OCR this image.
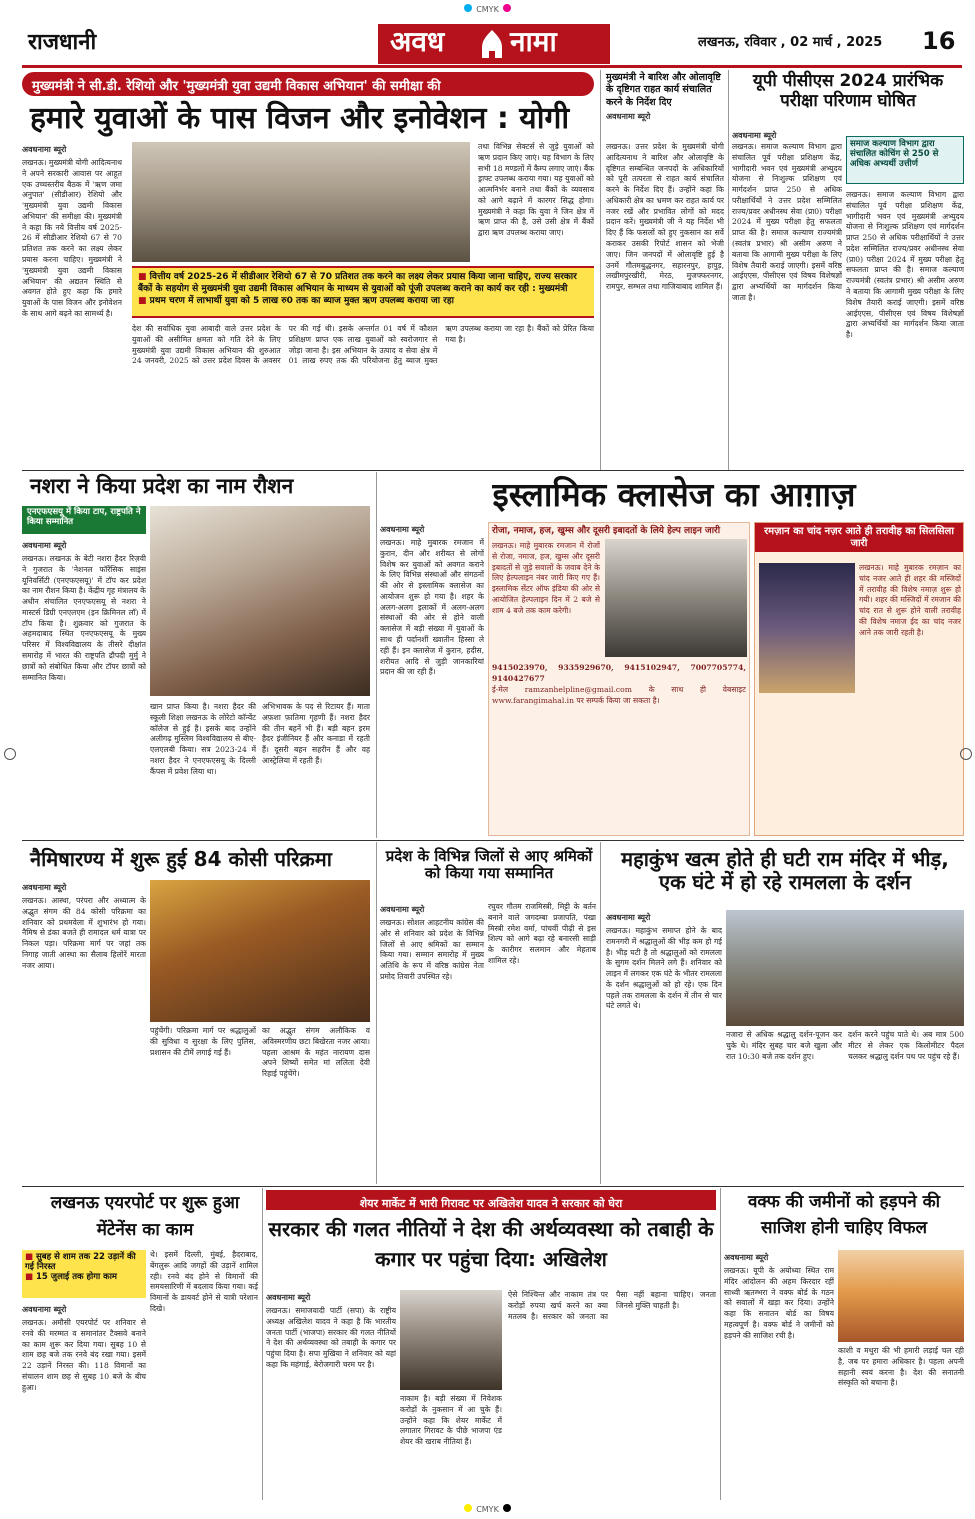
CMYK
राजधानी	अवध नामा	लखनऊ, रविवार , 02 मार्च , 2025 16
मुख्यमंत्री ने सी.डी. रेशियो और 'मुख्यमंत्री युवा उद्यमी विकास अभियान' की समीक्षा की
हमारे युवाओं के पास विजन और इनोवेशन : योगी
अवधनामा ब्यूरो
लखनऊ। मुख्यमंत्री योगी आदित्यनाथ ने अपने सरकारी आवास पर आहूत एक उच्चस्तरीय बैठक में 'ऋण जमा अनुपात' (सीडीआर) रेशियो और 'मुख्यमंत्री युवा उद्यमी विकास अभियान' की समीक्षा की। मुख्यमंत्री ने कहा कि नये वित्तीय वर्ष 2025-26 में सीडीआर रेशियो 67 से 70 प्रतिशत तक करने का लक्ष्य लेकर प्रयास करना चाहिए। मुख्यमंत्री ने 'मुख्यमंत्री युवा उद्यमी विकास अभियान' की अद्यतन स्थिति से अवगत होते हुए कहा कि हमारे युवाओं के पास विजन और इनोवेशन के साथ आगे बढ़ने का सामर्थ्य है।
तथा विभिन्न सेक्टर्स से जुड़े युवाओं को ऋण प्रदान किए जाएं। यह विभाग के लिए सभी 18 मण्डलों में कैम्प लगाए जाएं। बैंक ड्राफ्ट उपलब्ध कराया गया। यह युवाओं को आत्मनिर्भर बनाने तथा बैंकों के व्यवसाय को आगे बढ़ाने में कारगर सिद्ध होगा। मुख्यमंत्री ने कहा कि युवा ने जिन क्षेत्र में ऋण प्राप्त की है, उसे उसी क्षेत्र में बैंकों द्वारा ऋण उपलब्ध कराया जाए।
■ वित्तीय वर्ष 2025-26 में सीडीआर रेशियो 67 से 70 प्रतिशत तक करने का लक्ष्य लेकर प्रयास किया जाना चाहिए, राज्य सरकार बैंकों के सहयोग से मुख्यमंत्री युवा उद्यमी विकास अभियान के माध्यम से युवाओं को पूंजी उपलब्ध कराने का कार्य कर रही : मुख्यमंत्री
■ प्रथम चरण में लाभार्थी युवा को 5 लाख रु0 तक का ब्याज मुक्त ऋण उपलब्ध कराया जा रहा
देश की सर्वाधिक युवा आबादी वाले उत्तर प्रदेश के युवाओं की असीमित क्षमता को गति देने के लिए मुख्यमंत्री युवा उद्यमी विकास अभियान की शुरुआत 24 जनवरी, 2025 को उत्तर प्रदेश दिवस के अवसर पर की गई थी। इसके अन्तर्गत 01 वर्ष में कौशल प्रशिक्षण प्राप्त एक लाख युवाओं को स्वरोजगार से जोड़ा जाना है। इस अभियान के उत्पाद व सेवा क्षेत्र में 01 लाख रुपए तक की परियोजना हेतु ब्याज मुक्त ऋण उपलब्ध कराया जा रहा है। बैंकों को प्रेरित किया गया है।
मुख्यमंत्री ने बारिश और ओलावृष्टि के दृष्टिगत राहत कार्य संचालित करने के निर्देश दिए
अवधनामा ब्यूरो
लखनऊ। उत्तर प्रदेश के मुख्यमंत्री योगी आदित्यनाथ ने बारिश और ओलावृष्टि के दृष्टिगत सम्बन्धित जनपदों के अधिकारियों को पूरी तत्परता से राहत कार्य संचालित करने के निर्देश दिए हैं। उन्होंने कहा कि अधिकारी क्षेत्र का भ्रमण कर राहत कार्य पर नजर रखें और प्रभावित लोगों को मदद प्रदान करें। मुख्यमंत्री जी ने यह निर्देश भी दिए हैं कि फसलों को हुए नुकसान का सर्वे कराकर उसकी रिपोर्ट शासन को भेजी जाए। जिन जनपदों में ओलावृष्टि हुई है उनमें गौतमबुद्धनगर, सहारनपुर, हापुड़, लखीमपुरखीरी, मेरठ, मुजफ्फरनगर, रामपुर, सम्भल तथा गाजियाबाद शामिल हैं।
यूपी पीसीएस 2024 प्रारंभिक परीक्षा परिणाम घोषित
अवधनामा ब्यूरो
समाज कल्याण विभाग द्वारा संचालित कोचिंग से 250 से अधिक अभ्यर्थी उत्तीर्ण
लखनऊ। समाज कल्याण विभाग द्वारा संचालित पूर्व परीक्षा प्रशिक्षण केंद्र, भागीदारी भवन एवं मुख्यमंत्री अभ्युदय योजना से निःशुल्क प्रशिक्षण एवं मार्गदर्शन प्राप्त 250 से अधिक परीक्षार्थियों ने उत्तर प्रदेश सम्मिलित राज्य/प्रवर अधीनस्थ सेवा (प्रा0) परीक्षा 2024 में मुख्य परीक्षा हेतु सफलता प्राप्त की है। समाज कल्याण राज्यमंत्री (स्वतंत्र प्रभार) श्री असीम अरुण ने बताया कि आगामी मुख्य परीक्षा के लिए विशेष तैयारी कराई जाएगी। इसमें वरिष्ठ आईएएस, पीसीएस एवं विषय विशेषज्ञों द्वारा अभ्यर्थियों का मार्गदर्शन किया जाता है।
लखनऊ। समाज कल्याण विभाग द्वारा संचालित पूर्व परीक्षा प्रशिक्षण केंद्र, भागीदारी भवन एवं मुख्यमंत्री अभ्युदय योजना से निःशुल्क प्रशिक्षण एवं मार्गदर्शन प्राप्त 250 से अधिक परीक्षार्थियों ने उत्तर प्रदेश सम्मिलित राज्य/प्रवर अधीनस्थ सेवा (प्रा0) परीक्षा 2024 में मुख्य परीक्षा हेतु सफलता प्राप्त की है। समाज कल्याण राज्यमंत्री (स्वतंत्र प्रभार) श्री असीम अरुण ने बताया कि आगामी मुख्य परीक्षा के लिए विशेष तैयारी कराई जाएगी। इसमें वरिष्ठ आईएएस, पीसीएस एवं विषय विशेषज्ञों द्वारा अभ्यर्थियों का मार्गदर्शन किया जाता है।
नशरा ने किया प्रदेश का नाम रौशन
एनएफएसयू में किया टाप, राष्ट्रपति ने किया सम्मानित
अवधनामा ब्यूरो
लखनऊ। लखनऊ के बेटी नशरा हैदर रिज़वी ने गुजरात के 'नेशनल फॉरेंसिक साइंस यूनिवर्सिटी (एनएफएसयू)' में टॉप कर प्रदेश का नाम रौशन किया है। केंद्रीय गृह मंत्रालय के अधीन संचालित एनएफएसयू से नशरा ने मास्टर्स डिग्री एनएलएम (इन क्रिमिनल लॉ) में टॉप किया है। शुक्रवार को गुजरात के अहमदाबाद स्थित एनएफएसयू के मुख्य परिसर में विश्वविद्यालय के तीसरे दीक्षांत समारोह में भारत की राष्ट्रपति द्रौपदी मुर्मु ने छात्रों को संबोधित किया और टॉपर छात्रों को सम्मानित किया।
खान प्राप्त किया है। नशरा हैदर की स्कूली शिक्षा लखनऊ के लोरेटो कॉन्वेंट कॉलेज से हुई है। इसके बाद उन्होंने अलीगढ़ मुस्लिम विश्वविद्यालय से बीए-एलएलबी किया। सत्र 2023-24 में नशरा हैदर ने एनएफएसयू के दिल्ली कैंपस में प्रवेश लिया था।
अभिभावक के पद से रिटायर हैं। माता अफ़शा फ़ातिमा गृहणी हैं। नशरा हैदर की तीन बहनें भी हैं। बड़ी बहन इरम हैदर इंजीनियर हैं और कनाडा में रहती हैं। दूसरी बहन सहरीन हैं और वह आस्ट्रेलिया में रहती हैं।
इस्लामिक क्लासेज का आग़ाज़
अवधनामा ब्यूरो
लखनऊ। माहे मुबारक रमजान में कुरान, दीन और शरीयत से लोगों विशेष कर युवाओं को अवगत कराने के लिए विभिन्न संस्थाओं और संगठनों की ओर से इस्लामिक क्लासेज का आयोजन शुरू हो गया है। शहर के अलग-अलग इलाकों में अलग-अलग संस्थाओं की ओर से होने वाली क्लासेज में बड़ी संख्या में युवाओं के साथ ही पर्दानशीं ख्वातीन हिस्सा ले रही हैं। इन क्लासेज में कुरान, हदीस, शरीयत आदि से जुड़ी जानकारियां प्रदान की जा रही हैं।
रोजा, नमाज, हज, खुम्स और दूसरी इबादतों के लिये हेल्प लाइन जारी
लखनऊ। माहे मुबारक रमजान में रोजों से रोजा, नमाज, हज, खुम्स और दूसरी इबादतों से जुड़े सवालों के जवाब देने के लिए हेल्पलाइन नंबर जारी किए गए हैं। इस्लामिक सेंटर ऑफ इंडिया की ओर से आयोजित हेल्पलाइन दिन में 2 बजे से शाम 4 बजे तक काम करेगी।
9415023970, 9335929670, 9415102947, 7007705774, 9140427677
ई-मेल ramzanhelpline@gmail.com के साथ ही वेबसाइट www.farangimahal.in पर सम्पर्क किया जा सकता है।
रमज़ान का चांद नज़र आते ही तरावीह का सिलसिला जारी
लखनऊ। माहे मुबारक रमज़ान का चांद नजर आते ही शहर की मस्जिदों में तरावीह की विशेष नमाज़ शुरू हो गयी। शहर की मस्जिदों में रमजान की चांद रात से शुरू होने वाली तरावीह की विशेष नमाज ईद का चांद नजर आने तक जारी रहती है।
नैमिषारण्य में शुरू हुई 84 कोसी परिक्रमा
अवधनामा ब्यूरो
लखनऊ। आस्था, परंपरा और अध्यात्म के अद्भुत संगम की 84 कोसी परिक्रमा का शनिवार को प्रथमवेला में शुभारंभ हो गया। नैमिष से डंका बजते ही रामादल धर्म यात्रा पर निकल पड़ा। परिक्रमा मार्ग पर जहां तक निगाह जाती आस्था का सैलाब हिलोरें मारता नजर आया।
पहुंचेंगी। परिक्रमा मार्ग पर श्रद्धालुओं की सुविधा व सुरक्षा के लिए पुलिस, प्रशासन की टीमें लगाई गई हैं।
का अद्भुत संगम अलौकिक व अविस्मरणीय छटा बिखेरता नजर आया। पहला आश्रम के महंत नारायण दास अपने शिष्यों समेत मां ललिता देवी रिहाई पहुंचेंगे।
प्रदेश के विभिन्न जिलों से आए श्रमिकों को किया गया सम्मानित
अवधनामा ब्यूरो
लखनऊ। सोशल आहटनीय कांग्रेस की ओर से शनिवार को प्रदेश के विभिन्न जिलों से आए श्रमिकों का सम्मान किया गया। सम्मान समारोह में मुख्य अतिथि के रूप में वरिष्ठ कांग्रेस नेता प्रमोद तिवारी उपस्थित रहे।
रघुवर गौतम राजमिस्त्री, मिट्टी के बर्तन बनाने वाले जगदम्बा प्रजापति, पंखा मिस्त्री रमेश वर्मा, पांचवीं पीढ़ी से इस शिल्प को आगे बढ़ा रहे बनारसी साड़ी के कारीगर सलमान और मेहताब शामिल रहे।
महाकुंभ खत्म होते ही घटी राम मंदिर में भीड़, एक घंटे में हो रहे रामलला के दर्शन
अवधनामा ब्यूरो
लखनऊ। महाकुंभ समाप्त होने के बाद रामनगरी में श्रद्धालुओं की भीड़ कम हो गई है। भीड़ घटी है तो श्रद्धालुओं को रामलला के सुगम दर्शन मिलने लगे हैं। शनिवार को लाइन में लगकर एक घंटे के भीतर रामलला के दर्शन श्रद्धालुओं को हो रहे। एक दिन पहले तक रामलला के दर्शन में तीन से चार घंटे लगते थे।
नजारा से अधिक श्रद्धालु दर्शन-पूजन कर चुके थे। मंदिर सुबह चार बजे खुला और रात 10:30 बजे तक दर्शन हुए।
दर्शन करने पहुंच पाते थे। अब मात्र 500 मीटर से लेकर एक किलोमीटर पैदल चलकर श्रद्धालु दर्शन पथ पर पहुंच रहे हैं।
लखनऊ एयरपोर्ट पर शुरू हुआ मेंटेनेंस का काम
■ सुबह से शाम तक 22 उड़ानें की गई निरस्त
■ 15 जुलाई तक होगा काम
अवधनामा ब्यूरो
लखनऊ। अमौसी एयरपोर्ट पर शनिवार से रनवे की मरम्मत व समानांतर टैक्सवे बनाने का काम शुरू कर दिया गया। सुबह 10 से शाम छह बजे तक रनवे बंद रखा गया। इसमें 22 उड़ानें निरस्त की। 118 विमानों का संचालन शाम छह से सुबह 10 बजे के बीच हुआ।
थे। इसमें दिल्ली, मुंबई, हैदराबाद, बेंगलुरू आदि जगहों की उड़ानें शामिल रही। रनवे बंद होने से विमानों की समयसारिणी में बदलाव किया गया। कई विमानों के डायवर्ट होने से यात्री परेशान दिखे।
शेयर मार्केट में भारी गिरावट पर अखिलेश यादव ने सरकार को घेरा
सरकार की गलत नीतियों ने देश की अर्थव्यवस्था को तबाही के कगार पर पहुंचा दिया: अखिलेश
अवधनामा ब्यूरो
लखनऊ। समाजवादी पार्टी (सपा) के राष्ट्रीय अध्यक्ष अखिलेश यादव ने कहा है कि भारतीय जनता पार्टी (भाजपा) सरकार की गलत नीतियों ने देश की अर्थव्यवस्था को तबाही के कगार पर पहुंचा दिया है। सपा मुखिया ने शनिवार को यहां कहा कि महंगाई, बेरोजगारी चरम पर है।
नाकाम है। बड़ी संख्या में निवेशक करोड़ों के नुकसान में आ चुके हैं। उन्होंने कहा कि शेयर मार्केट में लगातार गिरावट के पीछे भाजपा एंड शेयर की खराब नीतियां हैं।
ऐसे निश्चिन्त और नाकाम तंत्र पर करोड़ों रुपया खर्च करने का क्या मतलब है। सरकार को जनता का पैसा नहीं बहाना चाहिए। जनता जिनसे मुक्ति चाहती है।
वक्फ की जमीनों को हड़पने की साजिश होनी चाहिए विफल
अवधनामा ब्यूरो
लखनऊ। यूपी के अयोध्या स्थित राम मंदिर आंदोलन की अहम किरदार रहीं साध्वी ऋतम्भरा ने वक्फ बोर्ड के गठन को सवालों में खड़ा कर दिया। उन्होंने कहा कि सनातन बोर्ड का विषय महत्वपूर्ण है। वक्फ बोर्ड ने जमीनों को हड़पने की साजिश रची है।
काशी व मथुरा की भी हमारी लड़ाई चल रही है, जब पर हमारा अधिकार है। पहला अपनी सहानी स्वयं करना है। देश की सनातनी संस्कृति को बचाना है।
CMYK
